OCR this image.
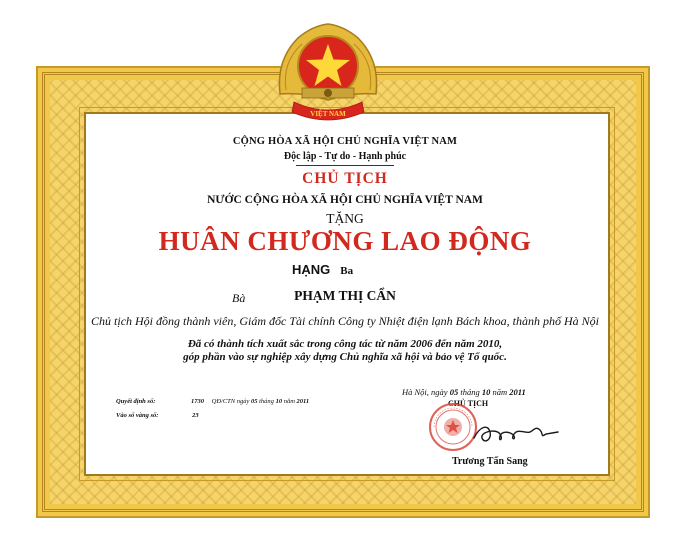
VIỆT NAM
CỘNG HÒA XÃ HỘI CHỦ NGHĨA VIỆT NAM
Độc lập - Tự do - Hạnh phúc
CHỦ TỊCH
NƯỚC CỘNG HÒA XÃ HỘI CHỦ NGHĨA VIỆT NAM
TẶNG
HUÂN CHƯƠNG LAO ĐỘNG
HẠNG Ba
Bà	PHẠM THỊ CẨN
Chủ tịch Hội đồng thành viên, Giám đốc Tài chính Công ty Nhiệt điện lạnh Bách khoa, thành phố Hà Nội
Đã có thành tích xuất sắc trong công tác từ năm 2006 đến năm 2010,
góp phần vào sự nghiệp xây dựng Chủ nghĩa xã hội và bảo vệ Tổ quốc.
Hà Nội, ngày 05 tháng 10 năm 2011
CHỦ TỊCH
Trương Tấn Sang
Quyết định số:	1730 QĐ/CTN ngày 05 tháng 10 năm 2011
Vào sổ vàng số:	23
